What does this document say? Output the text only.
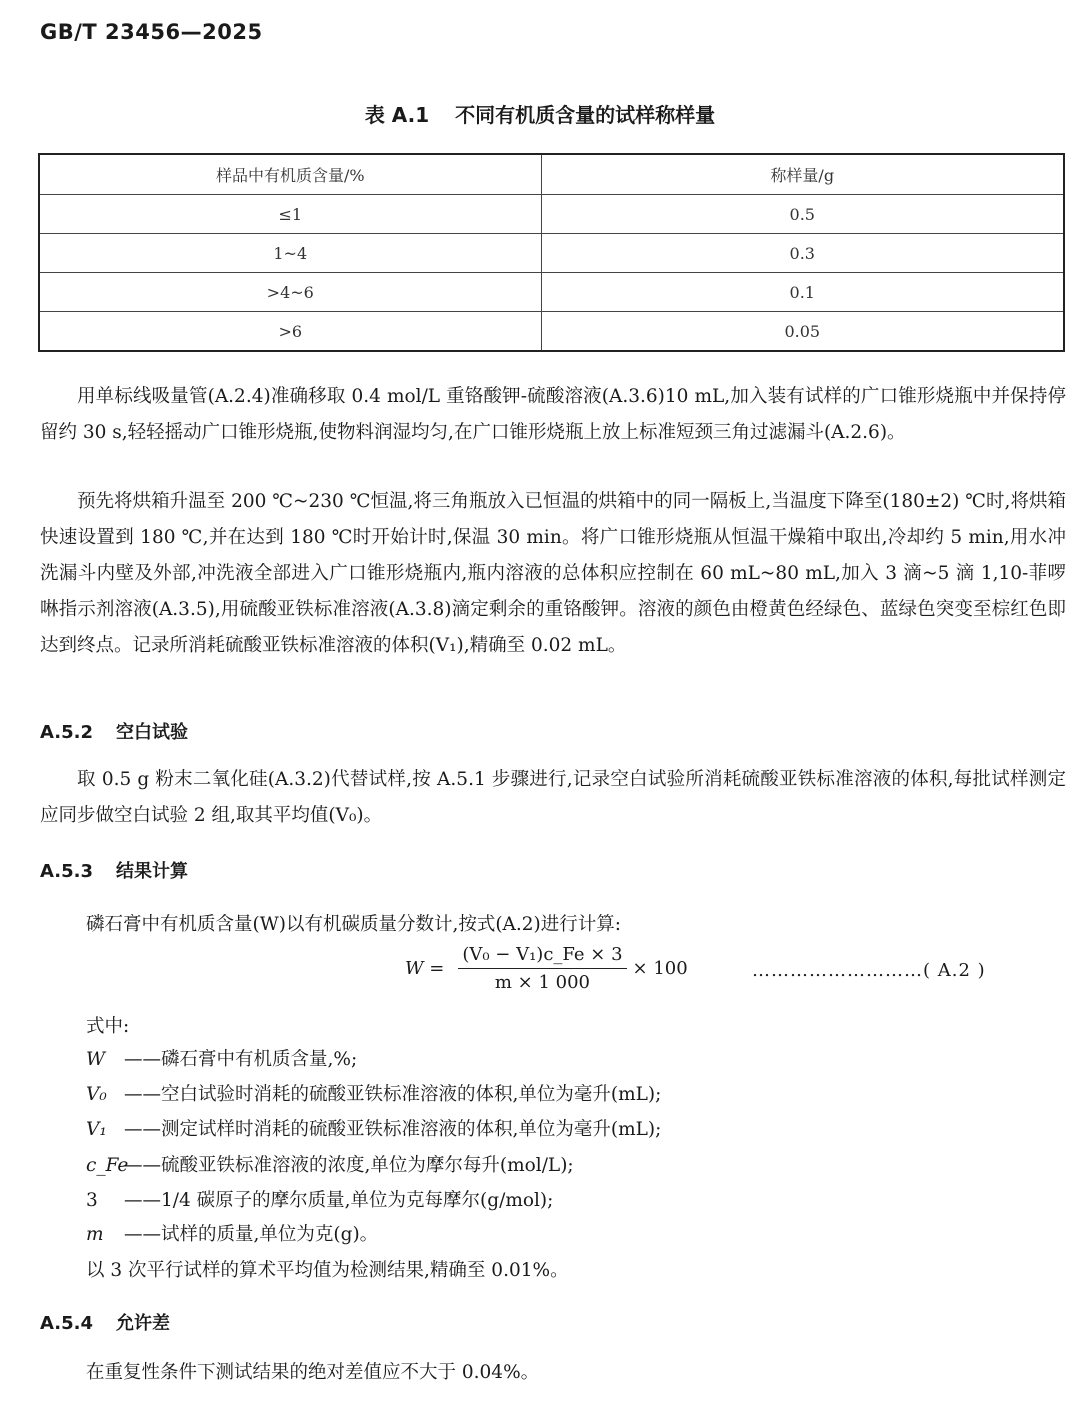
GB/T 23456—2025
表 A.1 不同有机质含量的试样称样量
样品中有机质含量/%	称样量/g
≤1	0.5
1~4	0.3
>4~6	0.1
>6	0.05

用单标线吸量管(A.2.4)准确移取 0.4 mol/L 重铬酸钾-硫酸溶液(A.3.6)10 mL,加入装有试样的广口锥形烧瓶中并保持停留约 30 s,轻轻摇动广口锥形烧瓶,使物料润湿均匀,在广口锥形烧瓶上放上标准短颈三角过滤漏斗(A.2.6)。

预先将烘箱升温至 200 ℃~230 ℃恒温,将三角瓶放入已恒温的烘箱中的同一隔板上,当温度下降至(180±2) ℃时,将烘箱快速设置到 180 ℃,并在达到 180 ℃时开始计时,保温 30 min。将广口锥形烧瓶从恒温干燥箱中取出,冷却约 5 min,用水冲洗漏斗内壁及外部,冲洗液全部进入广口锥形烧瓶内,瓶内溶液的总体积应控制在 60 mL~80 mL,加入 3 滴~5 滴 1,10-菲啰啉指示剂溶液(A.3.5),用硫酸亚铁标准溶液(A.3.8)滴定剩余的重铬酸钾。溶液的颜色由橙黄色经绿色、蓝绿色突变至棕红色即达到终点。记录所消耗硫酸亚铁标准溶液的体积(V₁),精确至 0.02 mL。

A.5.2 空白试验

取 0.5 g 粉末二氧化硅(A.3.2)代替试样,按 A.5.1 步骤进行,记录空白试验所消耗硫酸亚铁标准溶液的体积,每批试样测定应同步做空白试验 2 组,取其平均值(V₀)。

A.5.3 结果计算
磷石膏中有机质含量(W)以有机碳质量分数计,按式(A.2)进行计算:
$W = \frac{\text{(V₀ − V₁)c\_Fe × 3}}{m \times 1 000} \times 100$	………………………( A.2 )
式中:
W ——磷石膏中有机质含量,%;
V₀ ——空白试验时消耗的硫酸亚铁标准溶液的体积,单位为毫升(mL);
V₁ ——测定试样时消耗的硫酸亚铁标准溶液的体积,单位为毫升(mL);
c_Fe——硫酸亚铁标准溶液的浓度,单位为摩尔每升(mol/L);
3 ——1/4 碳原子的摩尔质量,单位为克每摩尔(g/mol);
m ——试样的质量,单位为克(g)。
以 3 次平行试样的算术平均值为检测结果,精确至 0.01%。
A.5.4 允许差
在重复性条件下测试结果的绝对差值应不大于 0.04%。
